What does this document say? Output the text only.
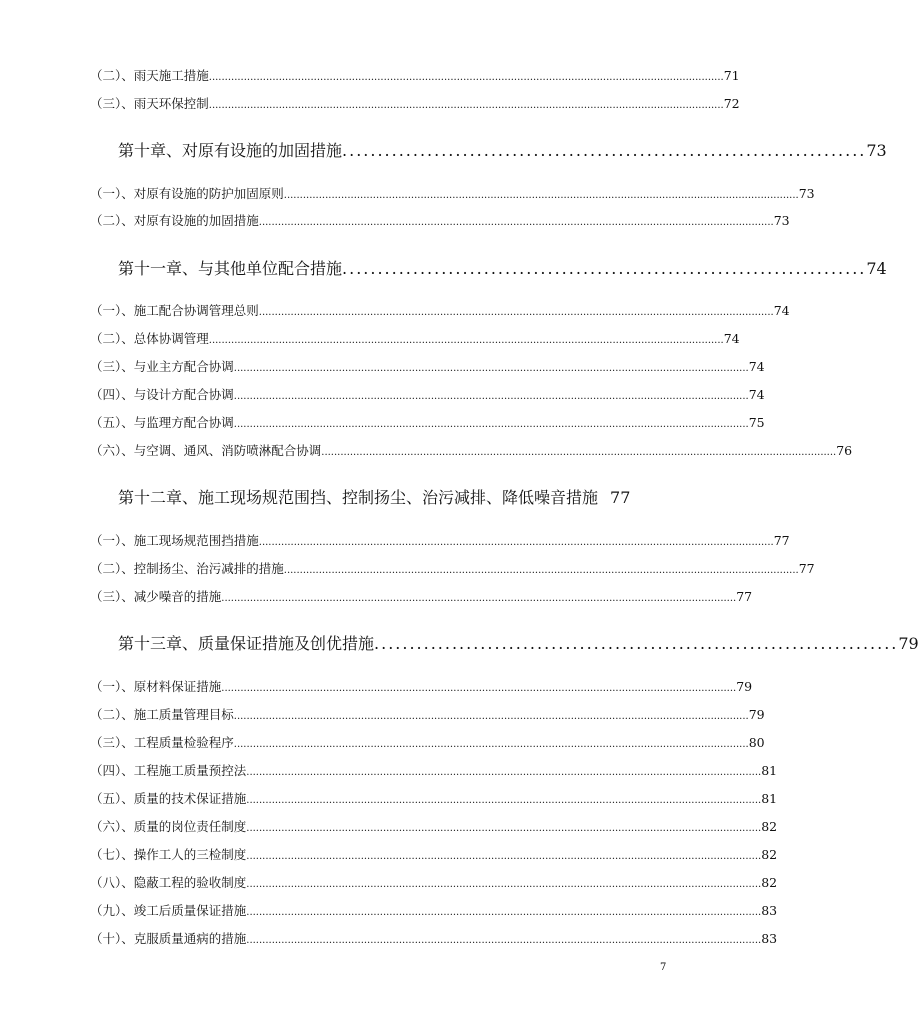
（二）、雨天施工措施 .................................................................................................................................................................. 71
（三）、雨天环保控制 .................................................................................................................................................................. 72
第十章、对原有设施的加固措施 .......................................................................... 73
（一）、对原有设施的防护加固原则 .................................................................................................................................................................. 73
（二）、对原有设施的加固措施 .................................................................................................................................................................. 73
第十一章、与其他单位配合措施 .......................................................................... 74
（一）、施工配合协调管理总则 .................................................................................................................................................................. 74
（二）、总体协调管理 .................................................................................................................................................................. 74
（三）、与业主方配合协调 .................................................................................................................................................................. 74
（四）、与设计方配合协调 .................................................................................................................................................................. 74
（五）、与监理方配合协调 .................................................................................................................................................................. 75
（六）、与空调、通风、消防喷淋配合协调 .................................................................................................................................................................. 76
第十二章、施工现场规范围挡、控制扬尘、治污减排、降低噪音措施 77
（一）、施工现场规范围挡措施 .................................................................................................................................................................. 77
（二）、控制扬尘、治污减排的措施 .................................................................................................................................................................. 77
（三）、减少噪音的措施 .................................................................................................................................................................. 77
第十三章、质量保证措施及创优措施 .......................................................................... 79
（一）、原材料保证措施 .................................................................................................................................................................. 79
（二）、施工质量管理目标 .................................................................................................................................................................. 79
（三）、工程质量检验程序 .................................................................................................................................................................. 80
（四）、工程施工质量预控法 .................................................................................................................................................................. 81
（五）、质量的技术保证措施 .................................................................................................................................................................. 81
（六）、质量的岗位责任制度 .................................................................................................................................................................. 82
（七）、操作工人的三检制度 .................................................................................................................................................................. 82
（八）、隐蔽工程的验收制度 .................................................................................................................................................................. 82
（九）、竣工后质量保证措施 .................................................................................................................................................................. 83
（十）、克服质量通病的措施 .................................................................................................................................................................. 83
7
